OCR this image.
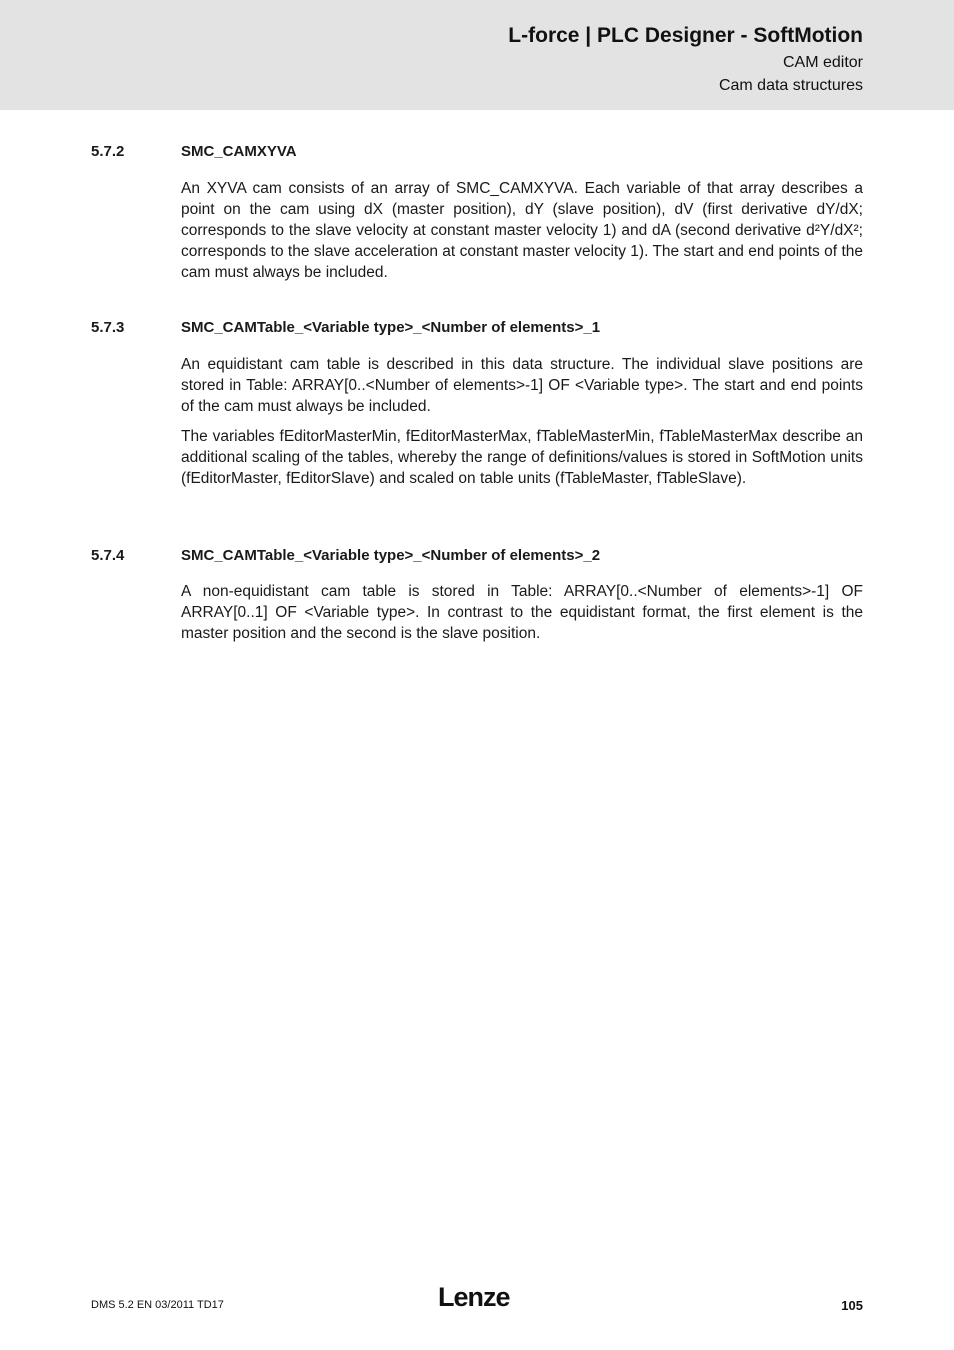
L-force | PLC Designer - SoftMotion
CAM editor
Cam data structures
5.7.2	SMC_CAMXYVA

An XYVA cam consists of an array of SMC_CAMXYVA. Each variable of that array describes a point on the cam using dX (master position), dY (slave position), dV (first derivative dY/dX; corresponds to the slave velocity at constant master velocity 1) and dA (second derivative d²Y/dX²; corresponds to the slave acceleration at constant master velocity 1). The start and end points of the cam must always be included.

5.7.3	SMC_CAMTable_<Variable type>_<Number of elements>_1

An equidistant cam table is described in this data structure. The individual slave positions are stored in Table: ARRAY[0..<Number of elements>-1] OF <Variable type>. The start and end points of the cam must always be included.

The variables fEditorMasterMin, fEditorMasterMax, fTableMasterMin, fTableMasterMax describe an additional scaling of the tables, whereby the range of definitions/values is stored in SoftMotion units (fEditorMaster, fEditorSlave) and scaled on table units (fTableMaster, fTableSlave).

5.7.4	SMC_CAMTable_<Variable type>_<Number of elements>_2

A non-equidistant cam table is stored in Table: ARRAY[0..<Number of elements>-1] OF ARRAY[0..1] OF <Variable type>. In contrast to the equidistant format, the first element is the master position and the second is the slave position.

DMS 5.2 EN 03/2011 TD17	Lenze	105
